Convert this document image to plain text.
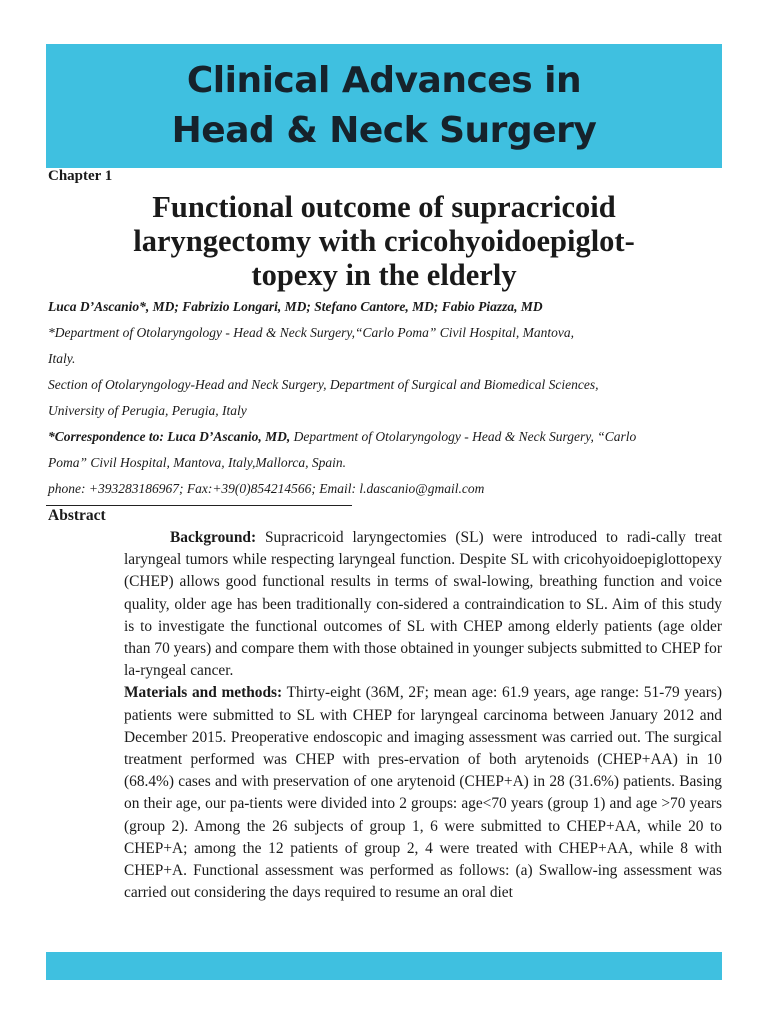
Clinical Advances in
Head & Neck Surgery
Chapter 1
Functional outcome of supracricoid
laryngectomy with cricohyoidoepiglot-
topexy in the elderly
Luca D’Ascanio*, MD; Fabrizio Longari, MD; Stefano Cantore, MD; Fabio Piazza, MD
*Department of Otolaryngology - Head & Neck Surgery,“Carlo Poma” Civil Hospital, Mantova,
Italy.
Section of Otolaryngology-Head and Neck Surgery, Department of Surgical and Biomedical Sciences,
University of Perugia, Perugia, Italy
*Correspondence to: Luca D’Ascanio, MD, Department of Otolaryngology - Head & Neck Surgery, “Carlo
Poma” Civil Hospital, Mantova, Italy,Mallorca, Spain.
phone: +393283186967; Fax:+39(0)854214566; Email: l.dascanio@gmail.com
Abstract

Background: Supracricoid laryngectomies (SL) were introduced to radi-cally treat laryngeal tumors while respecting laryngeal function. Despite SL with cricohyoidoepiglottopexy (CHEP) allows good functional results in terms of swal-lowing, breathing function and voice quality, older age has been traditionally con-sidered a contraindication to SL. Aim of this study is to investigate the functional outcomes of SL with CHEP among elderly patients (age older than 70 years) and compare them with those obtained in younger subjects submitted to CHEP for la-ryngeal cancer.

Materials and methods: Thirty-eight (36M, 2F; mean age: 61.9 years, age range: 51-79 years) patients were submitted to SL with CHEP for laryngeal carcinoma between January 2012 and December 2015. Preoperative endoscopic and imaging assessment was carried out. The surgical treatment performed was CHEP with pres-ervation of both arytenoids (CHEP+AA) in 10 (68.4%) cases and with preservation of one arytenoid (CHEP+A) in 28 (31.6%) patients. Basing on their age, our pa-tients were divided into 2 groups: age<70 years (group 1) and age >70 years (group 2). Among the 26 subjects of group 1, 6 were submitted to CHEP+AA, while 20 to CHEP+A; among the 12 patients of group 2, 4 were treated with CHEP+AA, while 8 with CHEP+A. Functional assessment was performed as follows: (a) Swallow-ing assessment was carried out considering the days required to resume an oral diet
